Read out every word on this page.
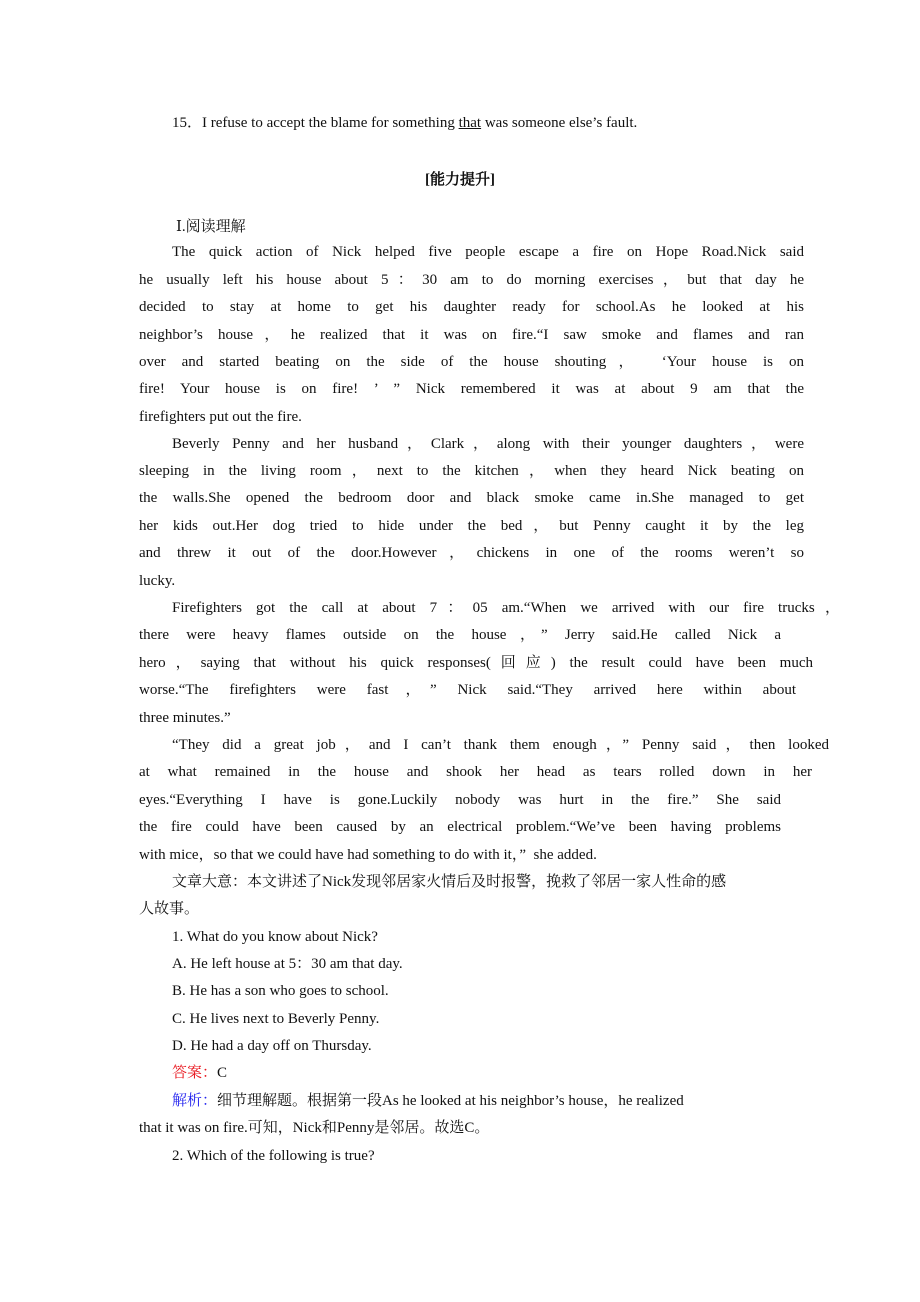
15．I refuse to accept the blame for something that was someone else’s fault.
[能力提升]
Ⅰ.阅读理解
The quick action of Nick helped five people escape a fire on Hope Road.Nick said
he usually left his house about 5：30 am to do morning exercises，but that day he
decided to stay at home to get his daughter ready for school.As he looked at his
neighbor’s house，he realized that it was on fire.“I saw smoke and flames and ran
over and started beating on the side of the house shouting， ‘Your house is on
fire! Your house is on fire! ’ ” Nick remembered it was at about 9 am that the
firefighters put out the fire.
Beverly Penny and her husband，Clark，along with their younger daughters，were
sleeping in the living room，next to the kitchen，when they heard Nick beating on
the walls.She opened the bedroom door and black smoke came in.She managed to get
her kids out.Her dog tried to hide under the bed，but Penny caught it by the leg
and threw it out of the door.However，chickens in one of the rooms weren’t so
lucky.
Firefighters got the call at about 7：05 am.“When we arrived with our fire trucks，
there were heavy flames outside on the house，” Jerry said.He called Nick a
hero，saying that without his quick responses(回应) the result could have been much
worse.“The firefighters were fast，” Nick said.“They arrived here within about
three minutes.”
“They did a great job，and I can’t thank them enough，” Penny said，then looked
at what remained in the house and shook her head as tears rolled down in her
eyes.“Everything I have is gone.Luckily nobody was hurt in the fire.” She said
the fire could have been caused by an electrical problem.“We’ve been having problems
with mice，so that we could have had something to do with it，”  she added.
文章大意：本文讲述了Nick发现邻居家火情后及时报警，挽救了邻居一家人性命的感
人故事。
1. What do you know about Nick?
A. He left house at 5：30 am that day.
B. He has a son who goes to school.
C. He lives next to Beverly Penny.
D. He had a day off on Thursday.
答案：C
解析：细节理解题。根据第一段As he looked at his neighbor’s house，he realized
that it was on fire.可知，Nick和Penny是邻居。故选C。
2. Which of the following is true?
